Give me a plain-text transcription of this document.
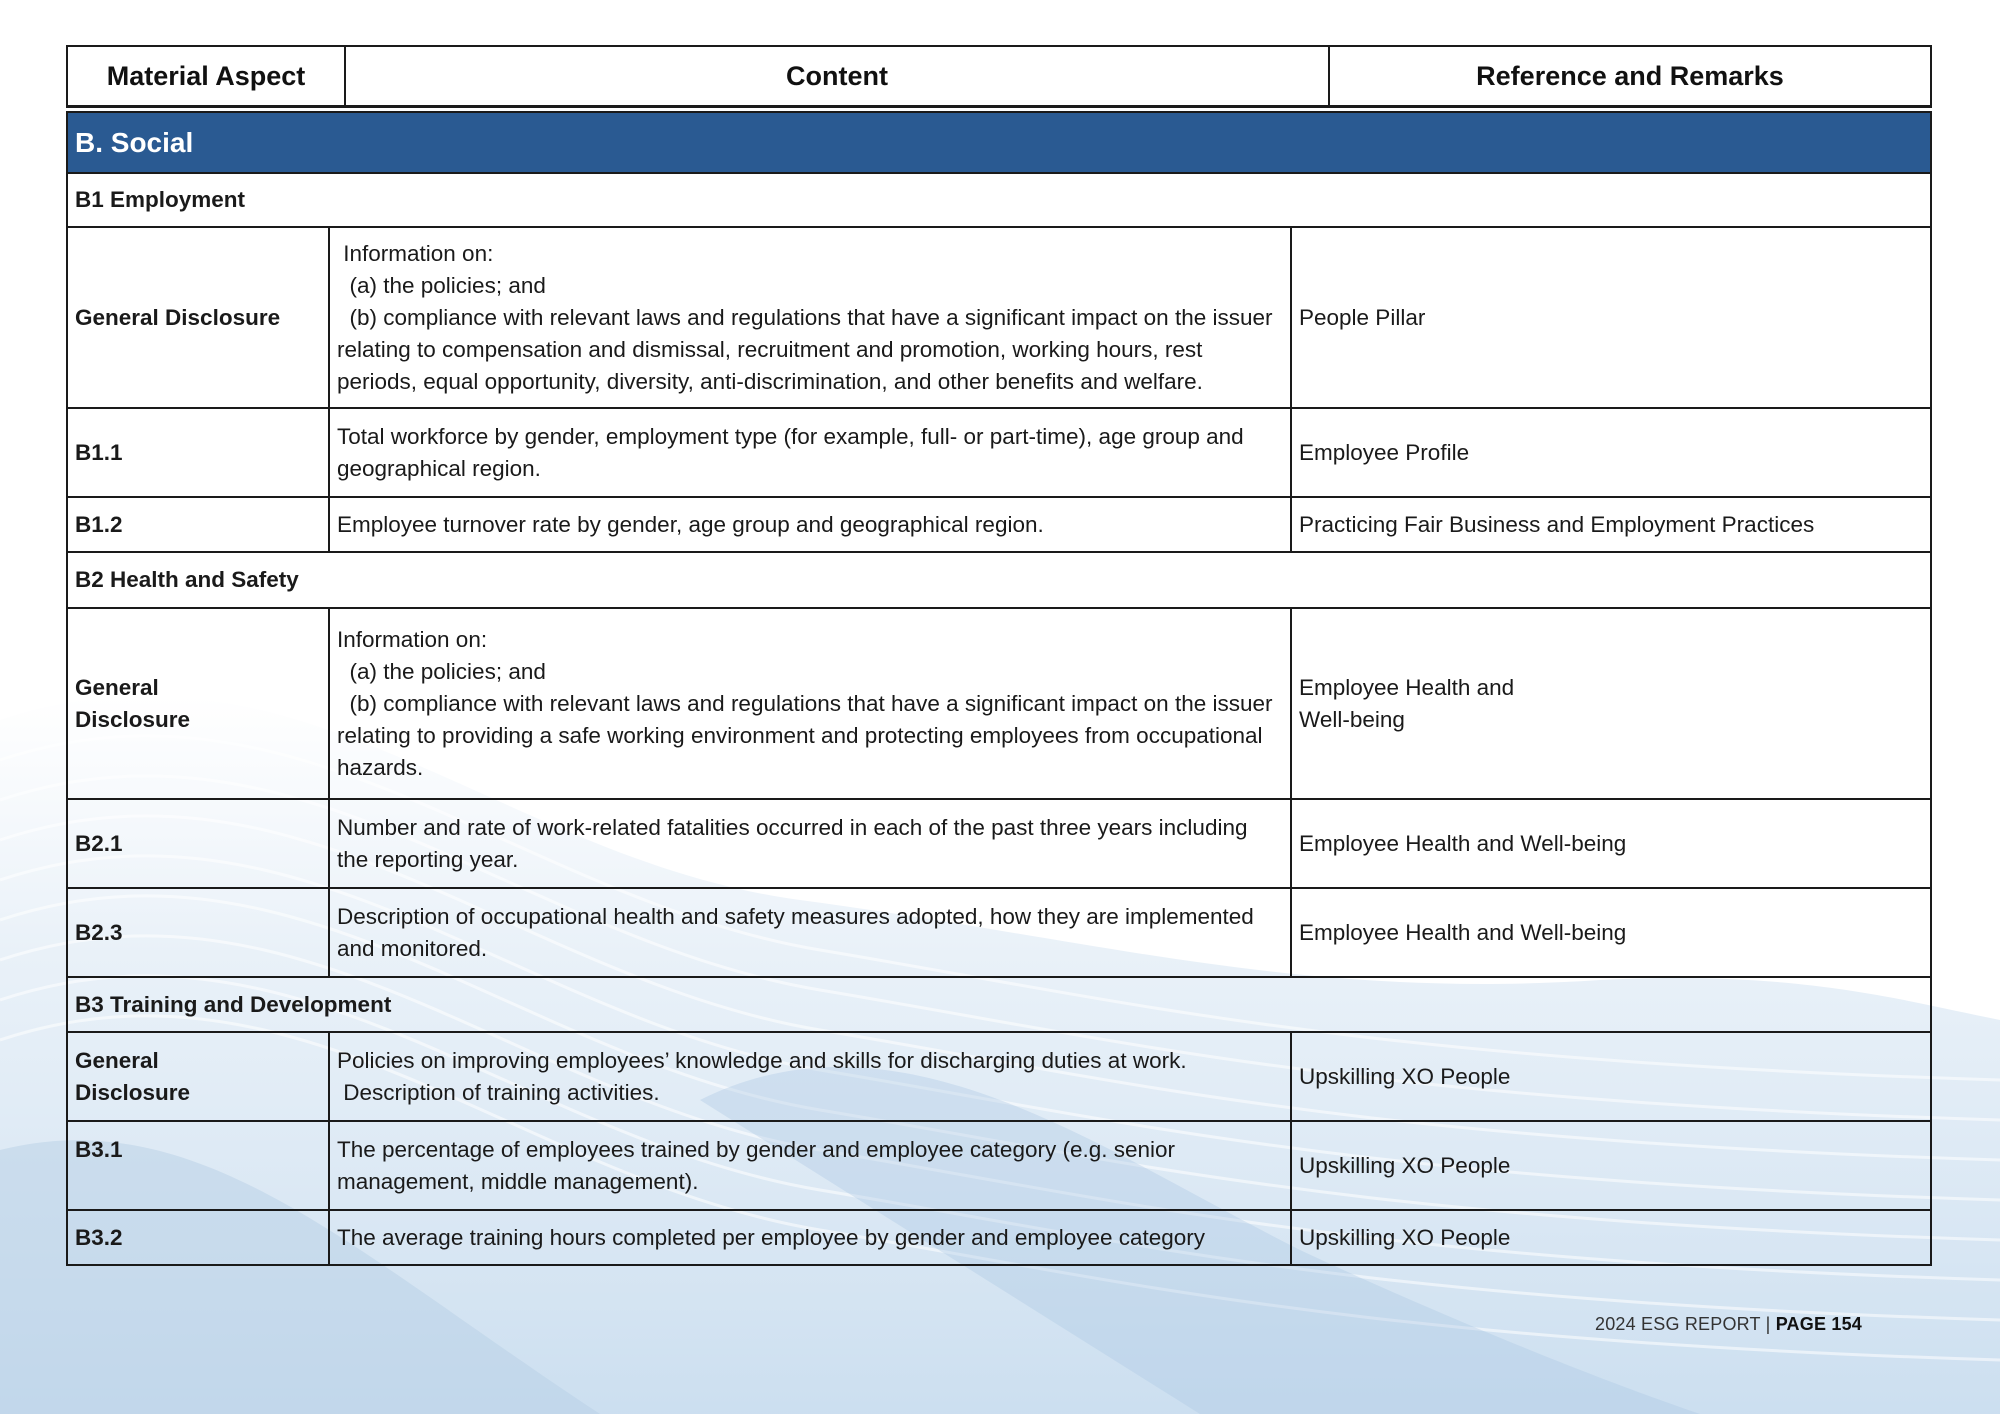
Material Aspect	Content	Reference and Remarks
B. Social		
B1 Employment		
General Disclosure	Information on:
(a) the policies; and
(b) compliance with relevant laws and regulations that have a significant impact on the issuer relating to compensation and dismissal, recruitment and promotion, working hours, rest periods, equal opportunity, diversity, anti-discrimination, and other benefits and welfare.	People Pillar
B1.1	Total workforce by gender, employment type (for example, full- or part-time), age group and geographical region.	Employee Profile
B1.2	Employee turnover rate by gender, age group and geographical region.	Practicing Fair Business and Employment Practices
B2 Health and Safety		

General Disclosure	Information on:
(a) the policies; and
(b) compliance with relevant laws and regulations that have a significant impact on the issuer relating to providing a safe working environment and protecting employees from occupational hazards.	Employee Health and Well-being

B2.1	Number and rate of work-related fatalities occurred in each of the past three years including the reporting year.	Employee Health and Well-being
B2.3	Description of occupational health and safety measures adopted, how they are implemented and monitored.	Employee Health and Well-being
B3 Training and Development		

General Disclosure	Policies on improving employees’ knowledge and skills for discharging duties at work.
Description of training activities.	Upskilling XO People
B3.1	The percentage of employees trained by gender and employee category (e.g. senior management, middle management).	Upskilling XO People
B3.2	The average training hours completed per employee by gender and employee category	Upskilling XO People
2024 ESG REPORT | PAGE 154
